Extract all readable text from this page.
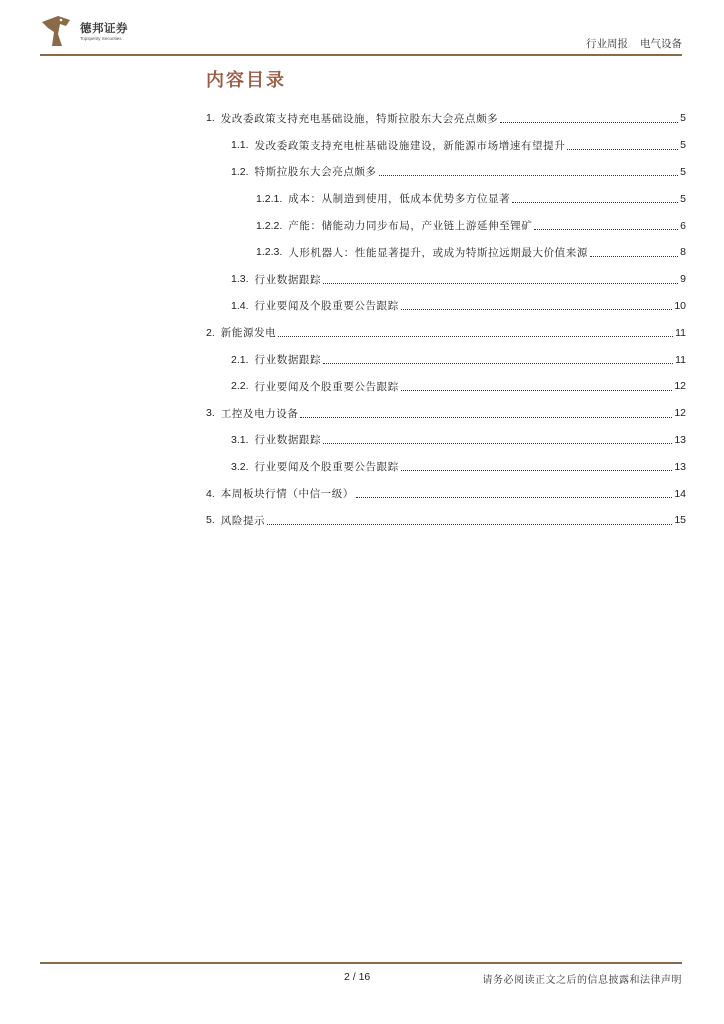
德邦证券
Topsperity Securities	行业周报 电气设备
内容目录
1. 发改委政策支持充电基础设施，特斯拉股东大会亮点颇多	5
1.1. 发改委政策支持充电桩基础设施建设，新能源市场增速有望提升	5
1.2. 特斯拉股东大会亮点颇多	5
1.2.1. 成本：从制造到使用，低成本优势多方位显著	5
1.2.2. 产能：储能动力同步布局，产业链上游延伸至锂矿	6
1.2.3. 人形机器人：性能显著提升，或成为特斯拉远期最大价值来源	8
1.3. 行业数据跟踪	9
1.4. 行业要闻及个股重要公告跟踪	10
2. 新能源发电	11
2.1. 行业数据跟踪	11
2.2. 行业要闻及个股重要公告跟踪	12
3. 工控及电力设备	12
3.1. 行业数据跟踪	13
3.2. 行业要闻及个股重要公告跟踪	13
4. 本周板块行情（中信一级）	14
5. 风险提示	15
2 / 16	请务必阅读正文之后的信息披露和法律声明
